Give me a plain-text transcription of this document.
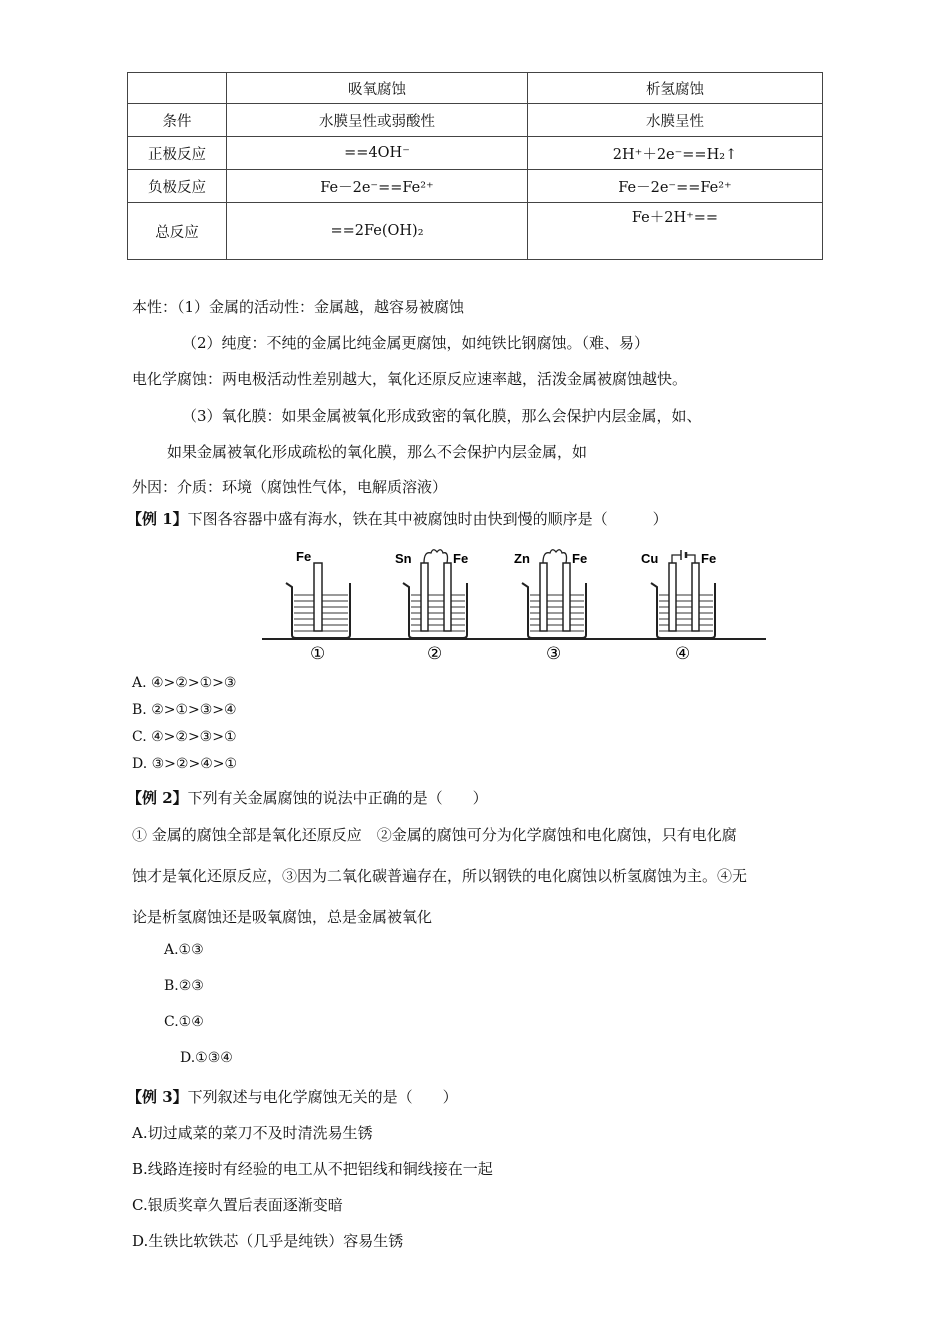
	吸氧腐蚀	析氢腐蚀
条件	水膜呈性或弱酸性	水膜呈性
正极反应	==4OH⁻	2H⁺＋2e⁻==H₂↑
负极反应	Fe－2e⁻==Fe²⁺	Fe－2e⁻==Fe²⁺
总反应	==2Fe(OH)₂	Fe＋2H⁺==
本性：（1）金属的活动性：金属越，越容易被腐蚀
（2）纯度：不纯的金属比纯金属更腐蚀，如纯铁比钢腐蚀。（难、易）
电化学腐蚀：两电极活动性差别越大，氧化还原反应速率越，活泼金属被腐蚀越快。
（3）氧化膜：如果金属被氧化形成致密的氧化膜，那么会保护内层金属，如、
如果金属被氧化形成疏松的氧化膜，那么不会保护内层金属，如
外因：介质：环境（腐蚀性气体，电解质溶液）
【例 1】下图各容器中盛有海水，铁在其中被腐蚀时由快到慢的顺序是（　　　）
Fe	Sn	Fe	Zn	Fe	Cu	Fe
①	②	③	④
A. ④>②>①>③
B. ②>①>③>④
C. ④>②>③>①
D. ③>②>④>①
【例 2】下列有关金属腐蚀的说法中正确的是（　　）
① 金属的腐蚀全部是氧化还原反应　②金属的腐蚀可分为化学腐蚀和电化腐蚀，只有电化腐
蚀才是氧化还原反应，③因为二氧化碳普遍存在，所以钢铁的电化腐蚀以析氢腐蚀为主。④无
论是析氢腐蚀还是吸氧腐蚀，总是金属被氧化
A.①③
B.②③
C.①④
D.①③④
【例 3】下列叙述与电化学腐蚀无关的是（　　）
A.切过咸菜的菜刀不及时清洗易生锈
B.线路连接时有经验的电工从不把铝线和铜线接在一起
C.银质奖章久置后表面逐渐变暗
D.生铁比软铁芯（几乎是纯铁）容易生锈
